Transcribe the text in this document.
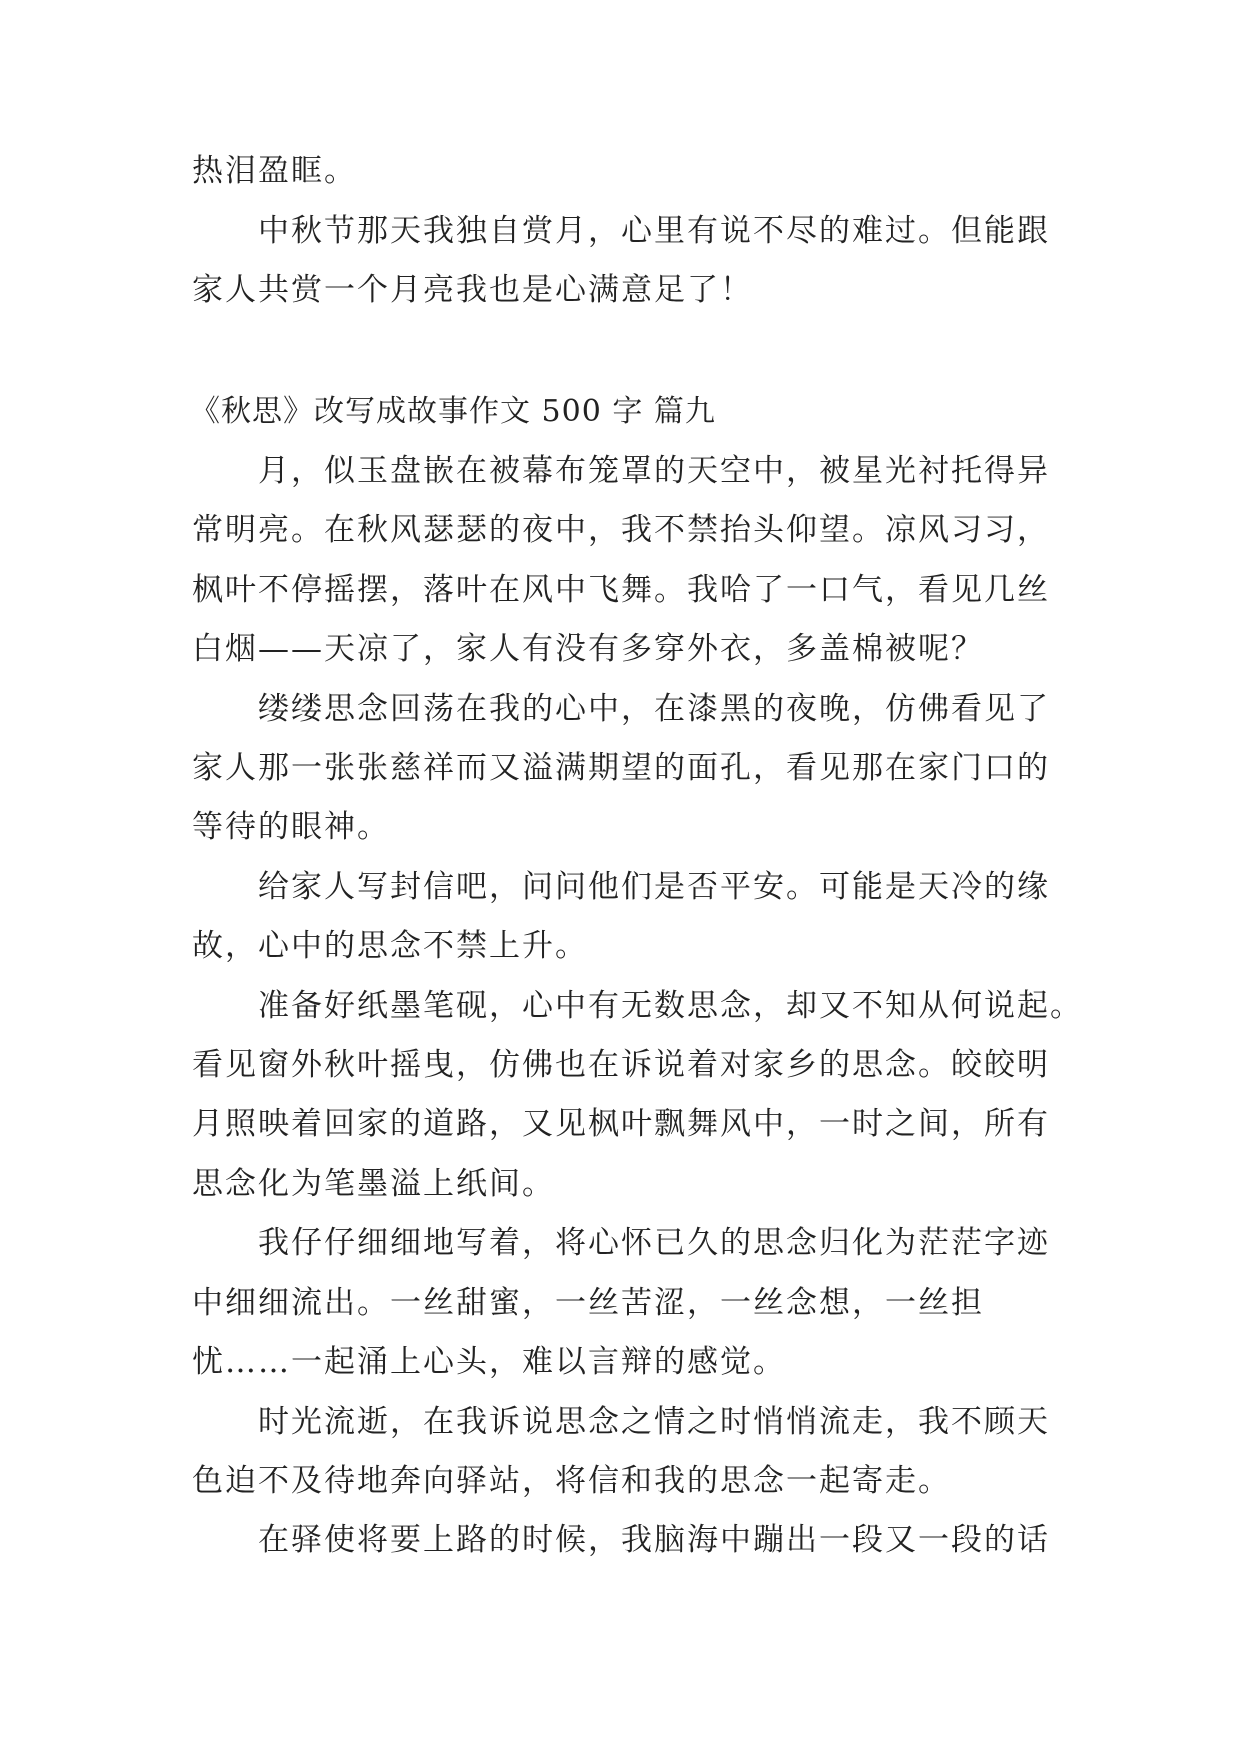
热泪盈眶。
　　中秋节那天我独自赏月，心里有说不尽的难过。但能跟
家人共赏一个月亮我也是心满意足了！
《秋思》改写成故事作文 500 字 篇九
　　月，似玉盘嵌在被幕布笼罩的天空中，被星光衬托得异
常明亮。在秋风瑟瑟的夜中，我不禁抬头仰望。凉风习习，
枫叶不停摇摆，落叶在风中飞舞。我哈了一口气，看见几丝
白烟——天凉了，家人有没有多穿外衣，多盖棉被呢？
　　缕缕思念回荡在我的心中，在漆黑的夜晚，仿佛看见了
家人那一张张慈祥而又溢满期望的面孔，看见那在家门口的
等待的眼神。
　　给家人写封信吧，问问他们是否平安。可能是天冷的缘
故，心中的思念不禁上升。
　　准备好纸墨笔砚，心中有无数思念，却又不知从何说起。
看见窗外秋叶摇曳，仿佛也在诉说着对家乡的思念。皎皎明
月照映着回家的道路，又见枫叶飘舞风中，一时之间，所有
思念化为笔墨溢上纸间。
　　我仔仔细细地写着，将心怀已久的思念归化为茫茫字迹
中细细流出。一丝甜蜜，一丝苦涩，一丝念想，一丝担
忧……一起涌上心头，难以言辩的感觉。
　　时光流逝，在我诉说思念之情之时悄悄流走，我不顾天
色迫不及待地奔向驿站，将信和我的思念一起寄走。
　　在驿使将要上路的时候，我脑海中蹦出一段又一段的话
